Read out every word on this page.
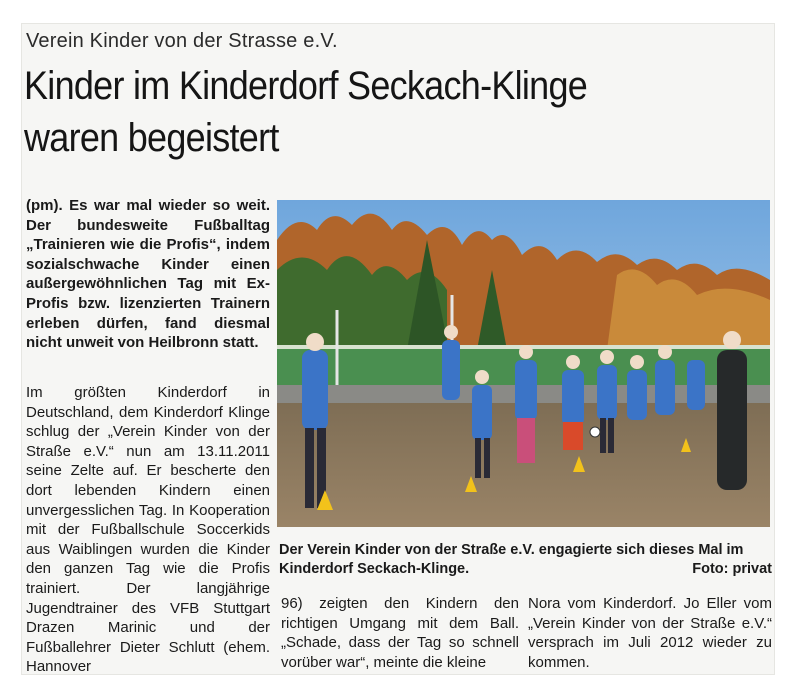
Verein Kinder von der Strasse e.V.
Kinder im Kinderdorf Seckach-Klinge
waren begeistert

(pm). Es war mal wieder so weit. Der bundesweite Fußballtag „Trainieren wie die Profis“, indem sozialschwache Kinder einen außergewöhnlichen Tag mit Ex-Profis bzw. lizenzierten Trainern erleben dürfen, fand diesmal nicht unweit von Heilbronn statt.

Im größten Kinderdorf in Deutschland, dem Kinderdorf Klinge schlug der „Verein Kinder von der Straße e.V.“ nun am 13.11.2011 seine Zelte auf. Er bescherte den dort lebenden Kindern einen unvergesslichen Tag. In Kooperation mit der Fußballschule Soccerkids aus Waiblingen wurden die Kinder den ganzen Tag wie die Profis trainiert. Der langjährige Jugendtrainer des VFB Stuttgart Drazen Marinic und der Fußballehrer Dieter Schlutt (ehem. Hannover

Der Verein Kinder von der Straße e.V. engagierte sich dieses Mal im Kinderdorf Seckach-Klinge.	Foto: privat

96) zeigten den Kindern den richtigen Umgang mit dem Ball. „Schade, dass der Tag so schnell vorüber war“, meinte die kleine

Nora vom Kinderdorf. Jo Eller vom „Verein Kinder von der Straße e.V.“ versprach im Juli 2012 wieder zu kommen.
